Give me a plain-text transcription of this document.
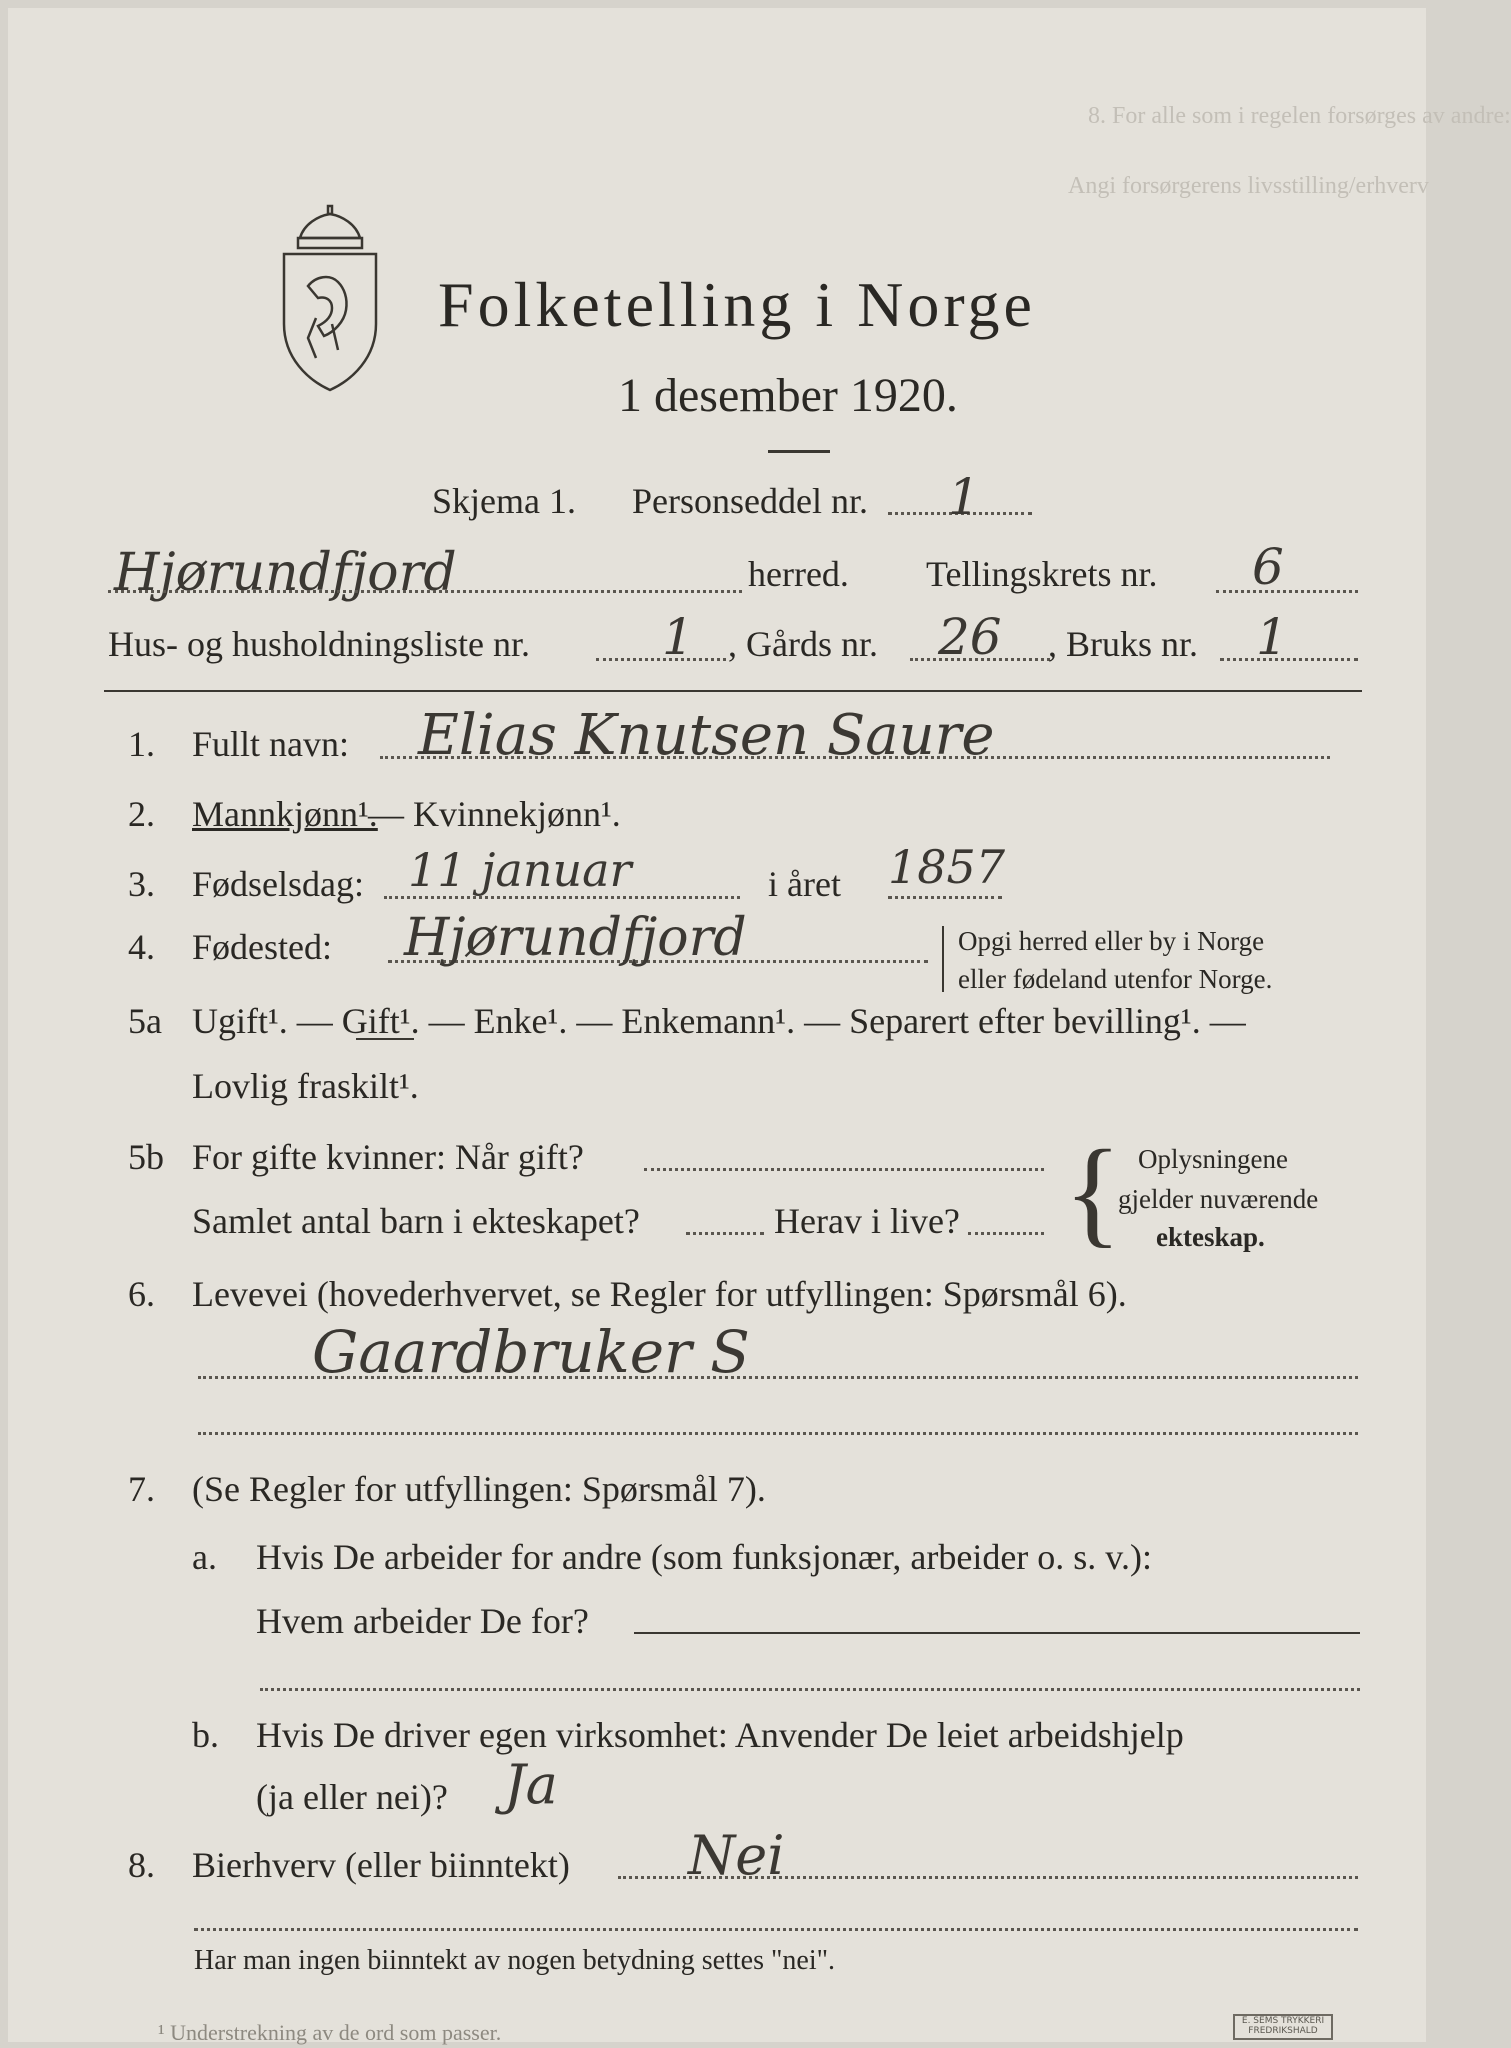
8. For alle som i regelen forsørges av andre:
Angi forsørgerens livsstilling/erhverv
Folketelling i Norge
1 desember 1920.
Skjema 1. Personseddel nr. 1
Hjørundfjord	herred. Tellingskrets nr. 6
Hus- og husholdningsliste nr.	1 , Gårds nr. 26 , Bruks nr. 1
1. Fullt navn: Elias Knutsen Saure
2. Mannkjønn¹.
— Kvinnekjønn¹.
3. Fødselsdag: 11 januar	i året 1857
4. Fødested: Hjørundfjord	Opgi herred eller by i Norge
eller fødeland utenfor Norge.
5a Ugift¹. — Gift¹. — Enke¹. — Enkemann¹. — Separert efter bevilling¹. —
Lovlig fraskilt¹.
5b For gifte kvinner: Når gift?
Samlet antal barn i ekteskapet?	Herav i live? { Oplysningene
gjelder nuværende
ekteskap.
6. Levevei (hovederhvervet, se Regler for utfyllingen: Spørsmål 6).
Gaardbruker S
7. (Se Regler for utfyllingen: Spørsmål 7).
a. Hvis De arbeider for andre (som funksjonær, arbeider o. s. v.):
Hvem arbeider De for?
b. Hvis De driver egen virksomhet: Anvender De leiet arbeidshjelp
(ja eller nei)? Ja
8. Bierhverv (eller biinntekt) Nei
Har man ingen biinntekt av nogen betydning settes "nei".
¹ Understrekning av de ord som passer.	E. SEMS TRYKKERI FREDRIKSHALD
